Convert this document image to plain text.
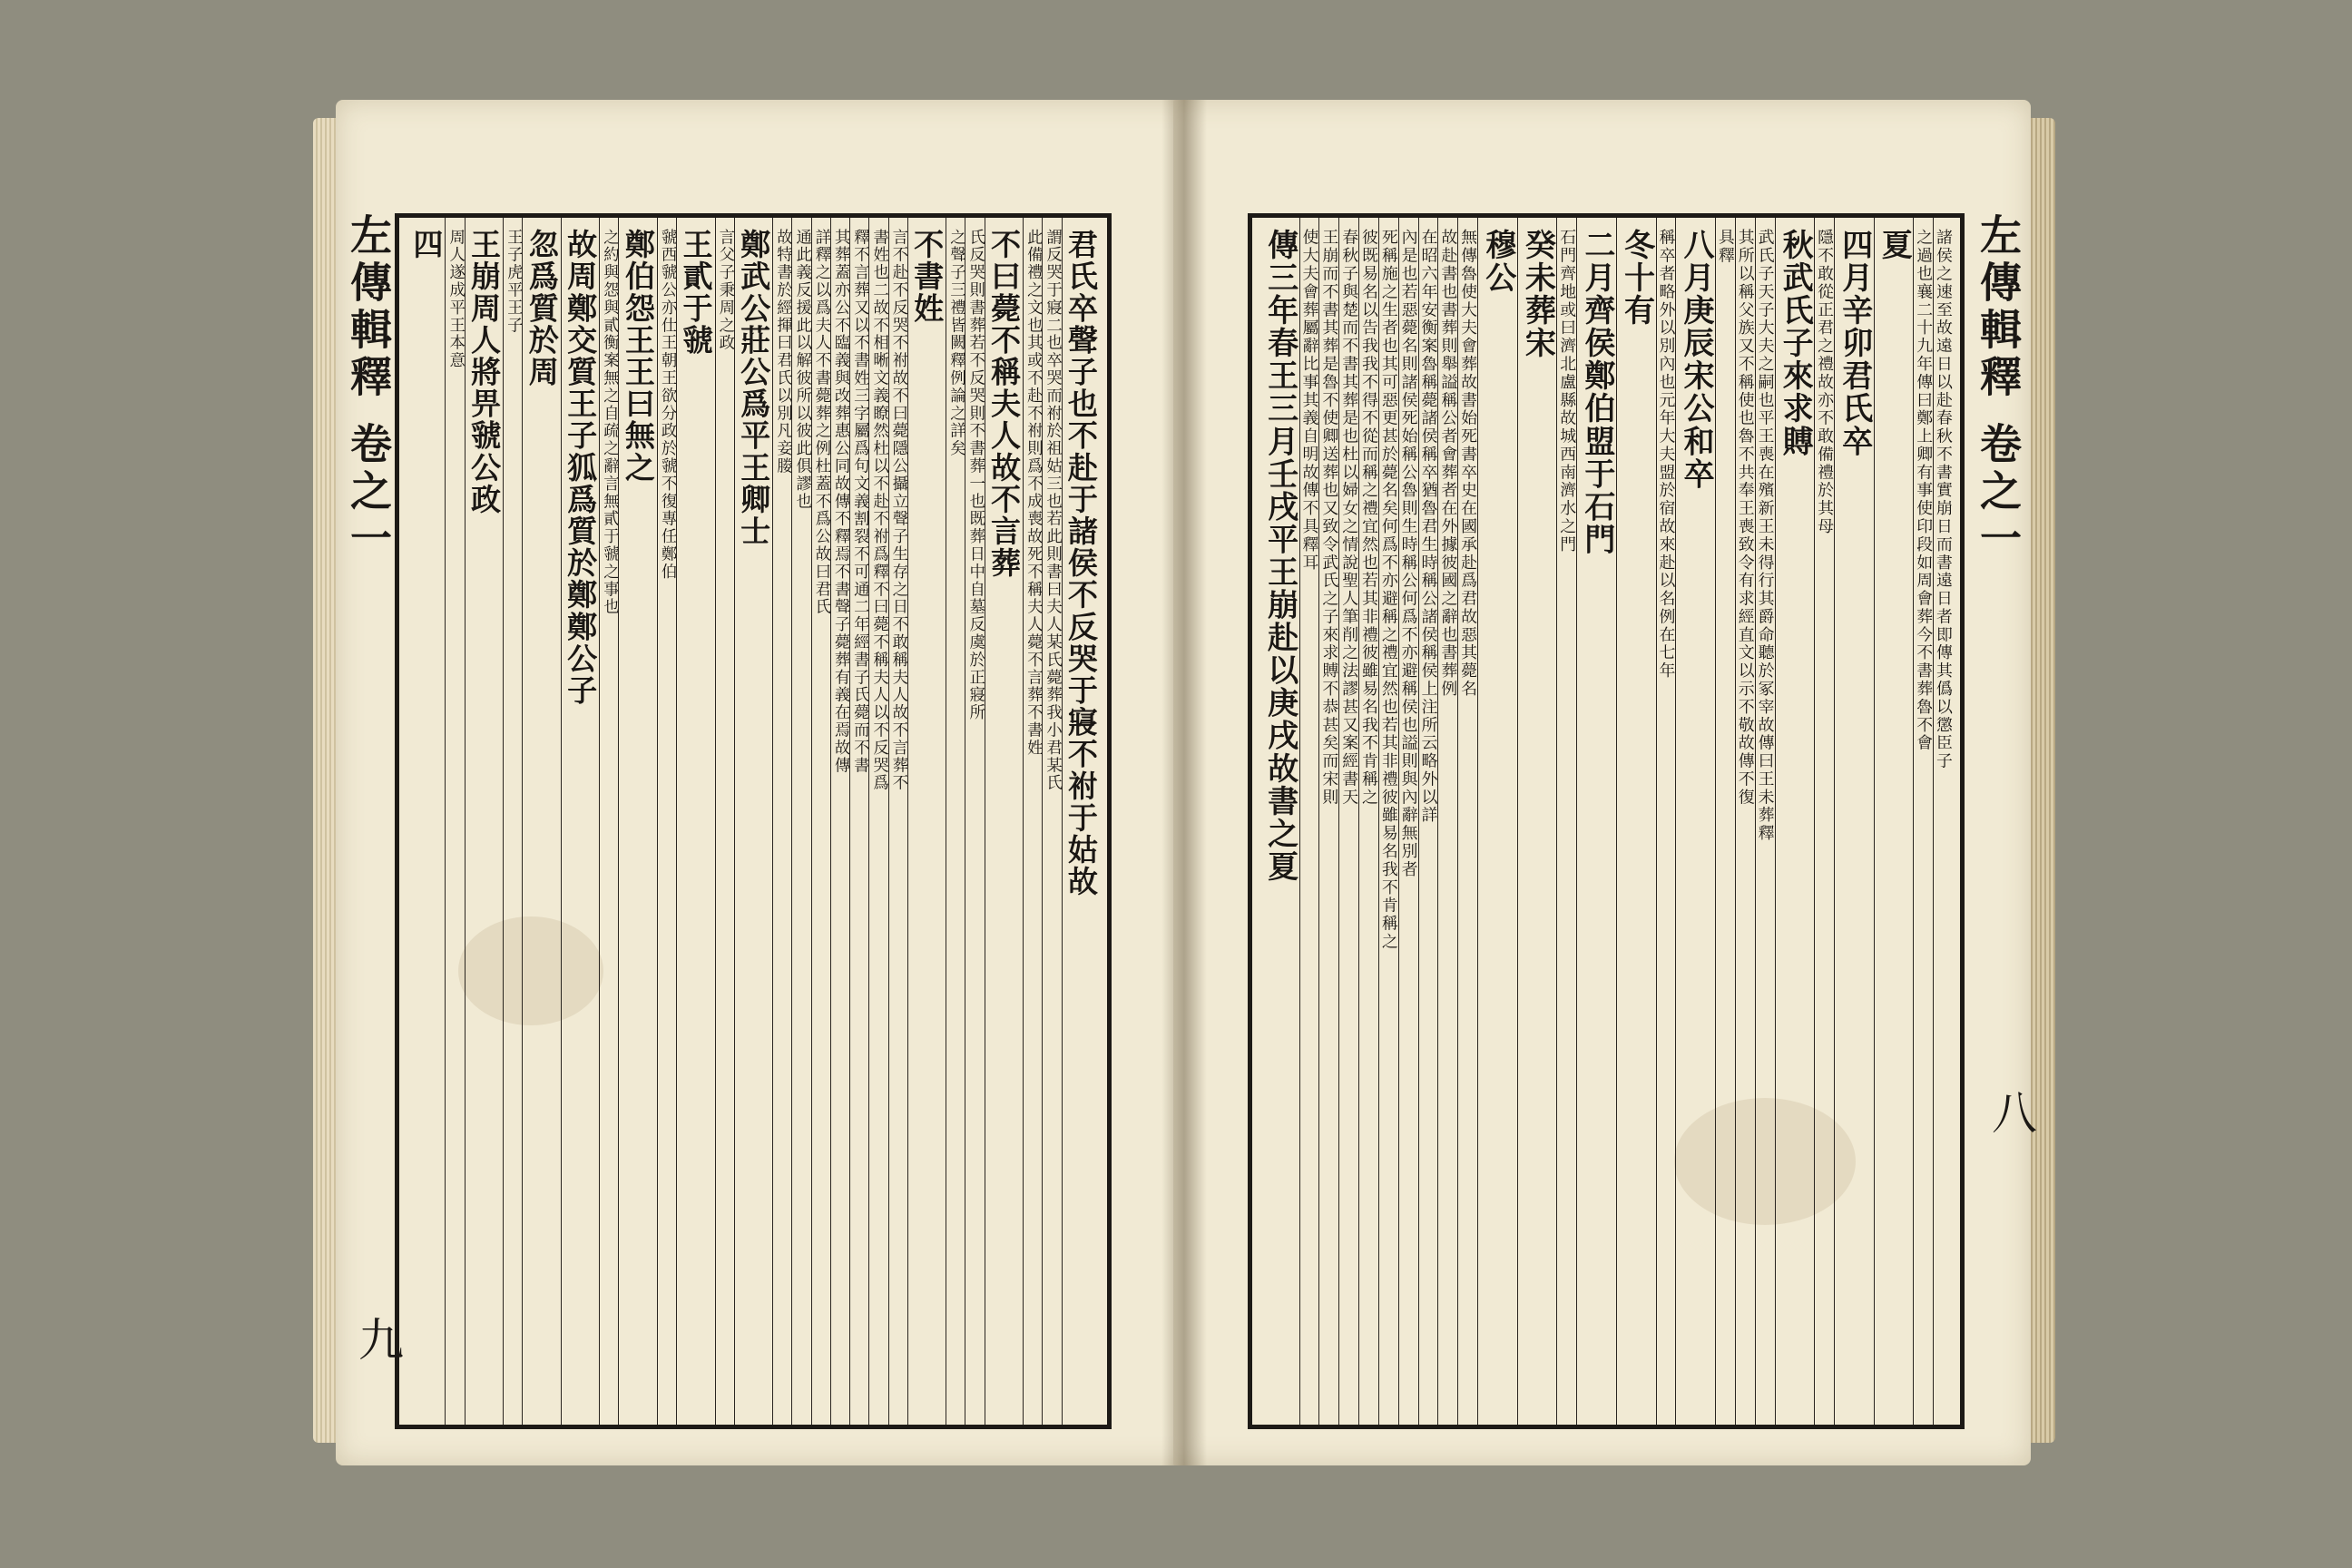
左傳輯釋 卷之一
九
左傳輯釋 卷之一
八
君氏卒聲子也不赴于諸侯不反哭于寢不祔于姑故
謂反哭于寢二也卒哭而祔於祖姑三也若此則書曰夫人某氏薨葬我小君某氏
此備禮之文也其或不赴不祔則爲不成喪故死不稱夫人薨不言葬不書姓
不曰薨不稱夫人故不言葬
氏反哭則書葬若不反哭則不書葬一也既葬日中自墓反虞於正寢所
之聲子三禮皆闕釋例論之詳矣
不書姓
言不赴不反哭不祔故不曰薨隱公攝立聲子生存之日不敢稱夫人故不言葬不
書姓也二故不相晰文義瞭然杜以不赴不祔爲釋不曰薨不稱夫人以不反哭爲
釋不言葬又以不書姓三字屬爲句文義割裂不可通二年經書子氏薨而不書
其葬蓋亦公不臨義與改葬惠公同故傳不釋焉不書聲子薨葬有義在焉故傳
詳釋之以爲夫人不書薨葬之例杜蓋不爲公故曰君氏
通此義反援此以解彼所以彼此俱謬也
故特書於經揮曰君氏以別凡妾媵
鄭武公莊公爲平王卿士
言父子秉周之政
王貳于虢
虢西虢公亦仕王朝王欲分政於虢不復專任鄭伯
鄭伯怨王王曰無之
之約與怨與貳衡案無之自疏之辭言無貳于虢之事也
故周鄭交質王子狐爲質於鄭鄭公子
忽爲質於周
王子虎平王子
王崩周人將畀虢公政
周人遂成平王本意
四	諸侯之速至故遠日以赴春秋不書實崩日而書遠日者即傳其僞以懲臣子
之過也襄二十九年傳曰鄭上卿有事使印段如周會葬今不書葬魯不會
夏
四月辛卯君氏卒
隱不敢從正君之禮故亦不敢備禮於其母
秋武氏子來求賻
武氏子天子大夫之嗣也平王喪在殯新王未得行其爵命聽於冢宰故傳曰王未葬釋
其所以稱父族又不稱使也魯不共奉王喪致令有求經直文以示不敬故傳不復
具釋
八月庚辰宋公和卒
稱卒者略外以別內也元年大夫盟於宿故來赴以名例在七年
冬十有
二月齊侯鄭伯盟于石門
石門齊地或曰濟北盧縣故城西南濟水之門
癸未葬宋
穆公
無傳魯使大夫會葬故書始死書卒史在國承赴爲君故惡其薨名
故赴書也書葬則舉謚稱公者會葬者在外據彼國之辭也書葬例
在昭六年安衡案魯稱薨諸侯稱卒猶魯君生時稱公諸侯稱侯上注所云略外以詳
內是也若惡薨名則諸侯死始稱公魯則生時稱公何爲不亦避稱侯也謚則與內辭無別者
死稱施之生者也其可惡更甚於薨名矣何爲不亦避稱之禮宜然也若其非禮彼雖易名我不肯稱之
彼既易名以告我我不得不從而稱之禮宜然也若其非禮彼雖易名我不肯稱之
春秋子與楚而不書其葬是也杜以婦女之情說聖人筆削之法謬甚又案經書天
王崩而不書其葬是魯不使卿送葬也又致令武氏之子來求賻不恭甚矣而宋則
使大夫會葬屬辭比事其義自明故傳不具釋耳
傳三年春王三月壬戌平王崩赴以庚戌故書之夏
